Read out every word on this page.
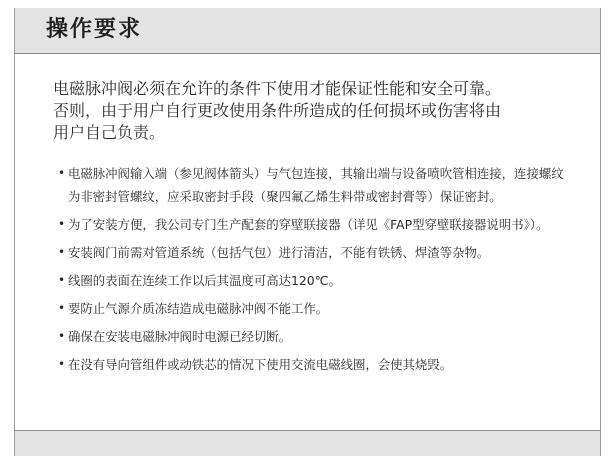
操作要求

电磁脉冲阀必须在允许的条件下使用才能保证性能和安全可靠。

否则，由于用户自行更改使用条件所造成的任何损坏或伤害将由

用户自己负责。

• 电磁脉冲阀输入端（参见阀体箭头）与气包连接，其输出端与设备喷吹管相连接，连接螺纹为非密封管螺纹，应采取密封手段（聚四氟乙烯生料带或密封膏等）保证密封。
• 为了安装方便，我公司专门生产配套的穿壁联接器（详见《FAP型穿壁联接器说明书》）。
• 安装阀门前需对管道系统（包括气包）进行清洁，不能有铁锈、焊渣等杂物。
• 线圈的表面在连续工作以后其温度可高达120℃。
• 要防止气源介质冻结造成电磁脉冲阀不能工作。
• 确保在安装电磁脉冲阀时电源已经切断。
• 在没有导向管组件或动铁芯的情况下使用交流电磁线圈，会使其烧毁。
